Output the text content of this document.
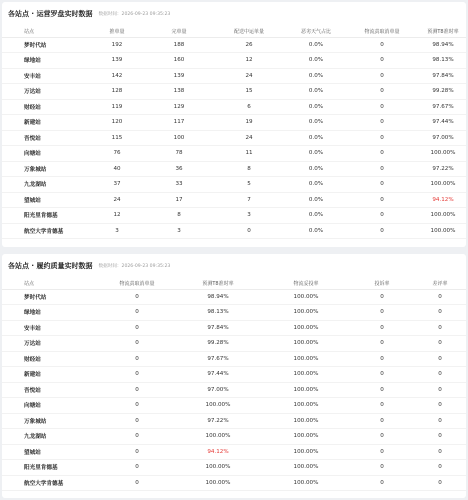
各站点 · 运营罗盘实时数据 数据时间：2026-09-23 09:35:23
站点	推单量	完单量	配送中运单量	恶劣天气占比	物流责取消单量	预测T8准时率
梦时代站	192	188	26	0.0%	0	98.94%
绿地站	139	160	12	0.0%	0	98.13%
安丰站	142	139	24	0.0%	0	97.84%
万达站	128	138	15	0.0%	0	99.28%
财经站	119	129	6	0.0%	0	97.67%
新建站	120	117	19	0.0%	0	97.44%
吾悦站	115	100	24	0.0%	0	97.00%
向塘站	76	78	11	0.0%	0	100.00%
万象城站	40	36	8	0.0%	0	97.22%
九龙湖站	37	33	5	0.0%	0	100.00%
望城站	24	17	7	0.0%	0	94.12%
阳光里肯德基	12	8	3	0.0%	0	100.00%
航空大学肯德基	3	3	0	0.0%	0	100.00%
各站点 · 履约质量实时数据 数据时间：2026-09-23 09:35:23
站点	物流责取消单量	预测T8准时率	物流妥投率	投诉率	差评率
梦时代站	0	98.94%	100.00%	0	0
绿地站	0	98.13%	100.00%	0	0
安丰站	0	97.84%	100.00%	0	0
万达站	0	99.28%	100.00%	0	0
财经站	0	97.67%	100.00%	0	0
新建站	0	97.44%	100.00%	0	0
吾悦站	0	97.00%	100.00%	0	0
向塘站	0	100.00%	100.00%	0	0
万象城站	0	97.22%	100.00%	0	0
九龙湖站	0	100.00%	100.00%	0	0
望城站	0	94.12%	100.00%	0	0
阳光里肯德基	0	100.00%	100.00%	0	0
航空大学肯德基	0	100.00%	100.00%	0	0
